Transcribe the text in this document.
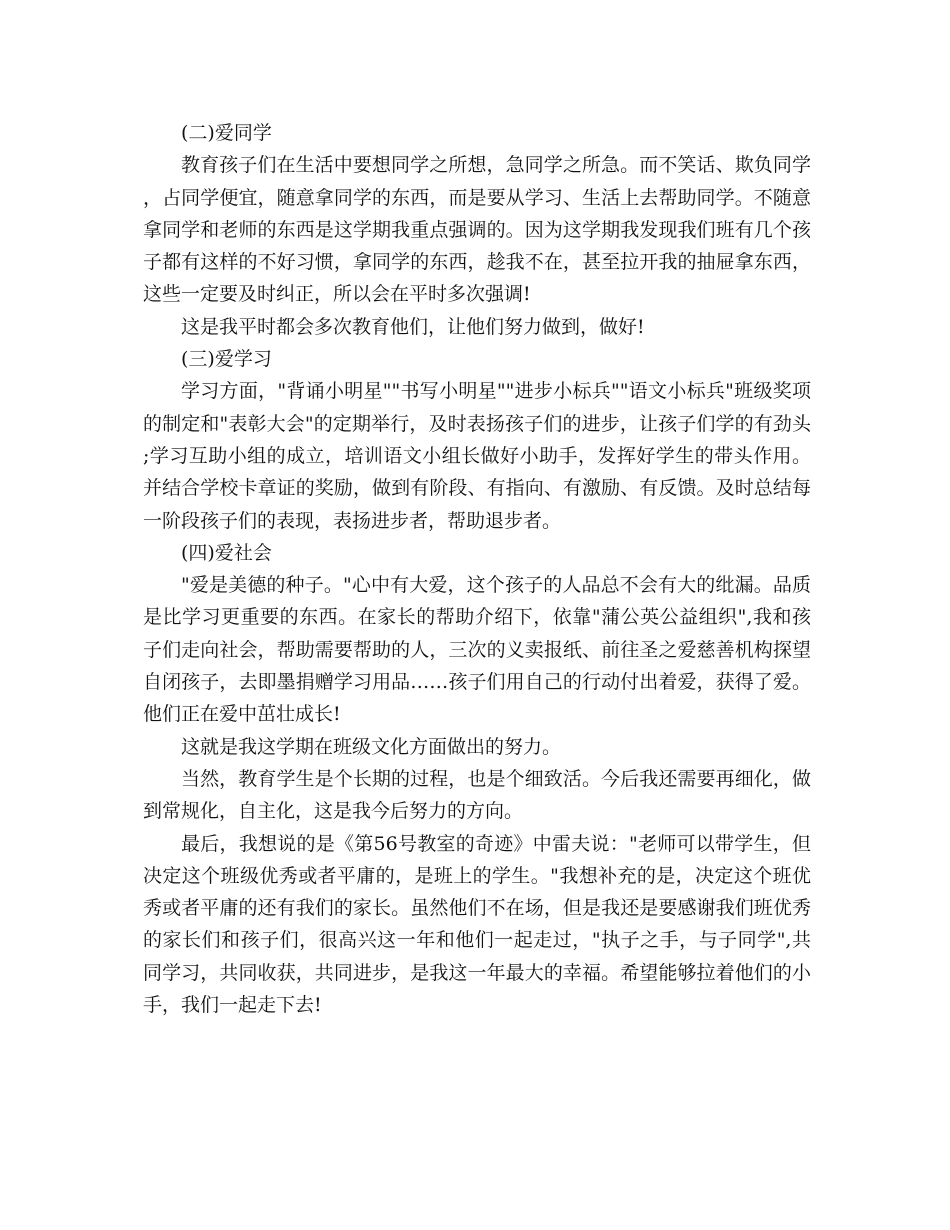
(二)爱同学

教育孩子们在生活中要想同学之所想，急同学之所急。而不笑话、欺负同学，占同学便宜，随意拿同学的东西，而是要从学习、生活上去帮助同学。不随意拿同学和老师的东西是这学期我重点强调的。因为这学期我发现我们班有几个孩子都有这样的不好习惯，拿同学的东西，趁我不在，甚至拉开我的抽屉拿东西，这些一定要及时纠正，所以会在平时多次强调!

这是我平时都会多次教育他们，让他们努力做到，做好!

(三)爱学习

学习方面，"背诵小明星""书写小明星""进步小标兵""语文小标兵"班级奖项的制定和"表彰大会"的定期举行，及时表扬孩子们的进步，让孩子们学的有劲头;学习互助小组的成立，培训语文小组长做好小助手，发挥好学生的带头作用。并结合学校卡章证的奖励，做到有阶段、有指向、有激励、有反馈。及时总结每一阶段孩子们的表现，表扬进步者，帮助退步者。

(四)爱社会

"爱是美德的种子。"心中有大爱，这个孩子的人品总不会有大的纰漏。品质是比学习更重要的东西。在家长的帮助介绍下，依靠"蒲公英公益组织",我和孩子们走向社会，帮助需要帮助的人，三次的义卖报纸、前往圣之爱慈善机构探望自闭孩子，去即墨捐赠学习用品……孩子们用自己的行动付出着爱，获得了爱。他们正在爱中茁壮成长!

这就是我这学期在班级文化方面做出的努力。

当然，教育学生是个长期的过程，也是个细致活。今后我还需要再细化，做到常规化，自主化，这是我今后努力的方向。

最后，我想说的是《第56号教室的奇迹》中雷夫说："老师可以带学生，但决定这个班级优秀或者平庸的，是班上的学生。"我想补充的是，决定这个班优秀或者平庸的还有我们的家长。虽然他们不在场，但是我还是要感谢我们班优秀的家长们和孩子们，很高兴这一年和他们一起走过，"执子之手，与子同学",共同学习，共同收获，共同进步，是我这一年最大的幸福。希望能够拉着他们的小手，我们一起走下去!
